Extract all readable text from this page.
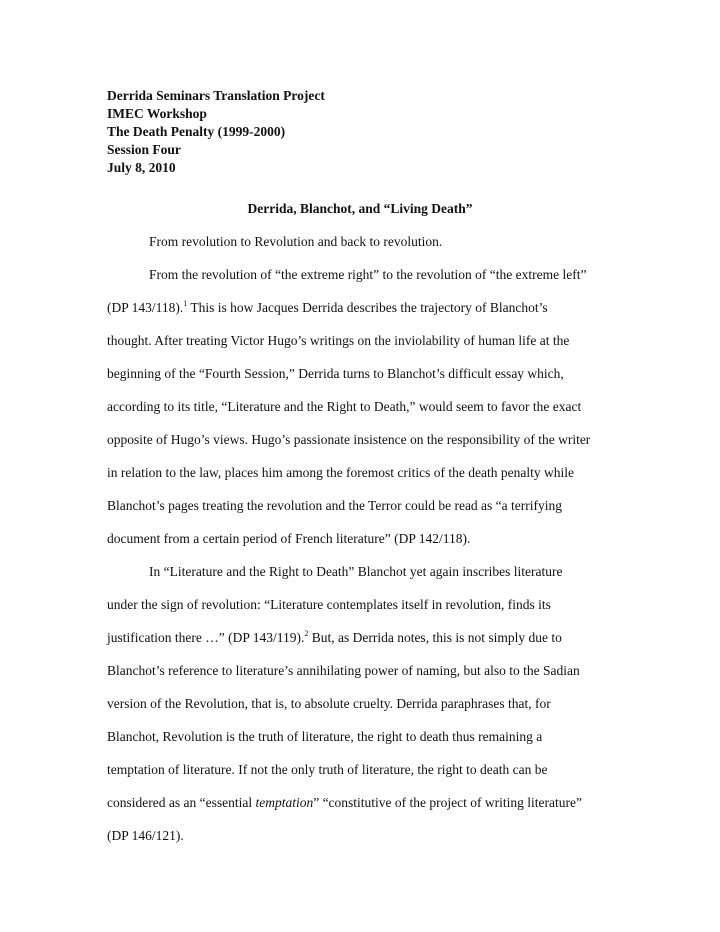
Derrida Seminars Translation Project
IMEC Workshop
The Death Penalty (1999-2000)
Session Four
July 8, 2010
Derrida, Blanchot, and “Living Death”
From revolution to Revolution and back to revolution.
From the revolution of “the extreme right” to the revolution of “the extreme left”
(DP 143/118).$^1$ This is how Jacques Derrida describes the trajectory of Blanchot’s
thought. After treating Victor Hugo’s writings on the inviolability of human life at the
beginning of the “Fourth Session,” Derrida turns to Blanchot’s difficult essay which,
according to its title, “Literature and the Right to Death,” would seem to favor the exact
opposite of Hugo’s views. Hugo’s passionate insistence on the responsibility of the writer
in relation to the law, places him among the foremost critics of the death penalty while
Blanchot’s pages treating the revolution and the Terror could be read as “a terrifying
document from a certain period of French literature” (DP 142/118).
In “Literature and the Right to Death” Blanchot yet again inscribes literature
under the sign of revolution: “Literature contemplates itself in revolution, finds its
justification there …” (DP 143/119).$^2$ But, as Derrida notes, this is not simply due to
Blanchot’s reference to literature’s annihilating power of naming, but also to the Sadian
version of the Revolution, that is, to absolute cruelty. Derrida paraphrases that, for
Blanchot, Revolution is the truth of literature, the right to death thus remaining a
temptation of literature. If not the only truth of literature, the right to death can be
considered as an “essential temptation” “constitutive of the project of writing literature”
(DP 146/121).
